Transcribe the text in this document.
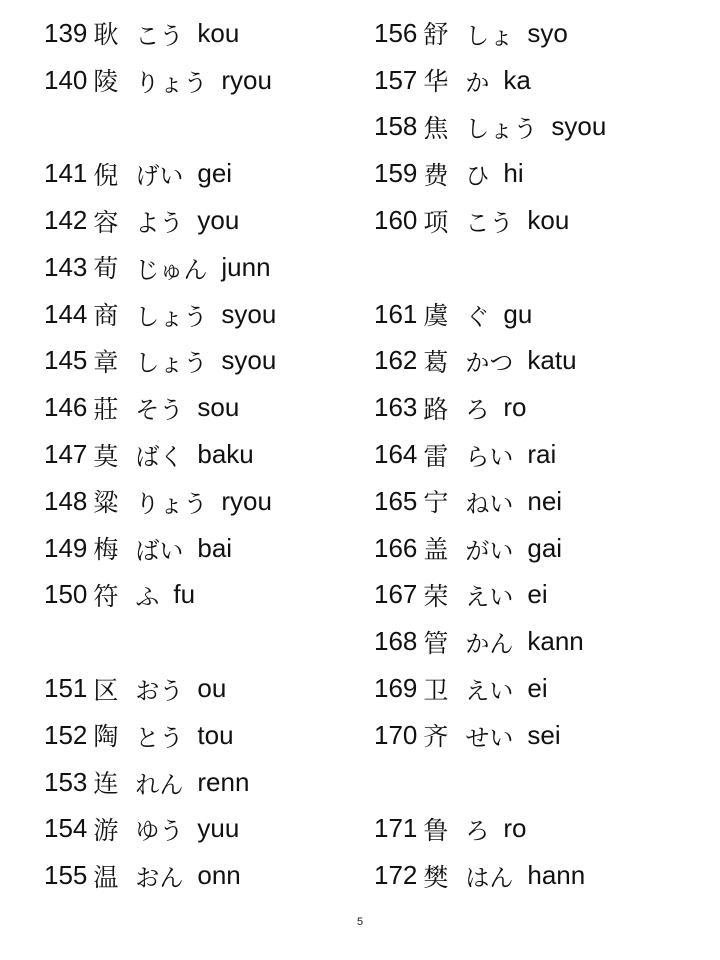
139 耿 こう kou
140 陵 りょう ryou
141 倪 げい gei
142 容 よう you
143 荀 じゅん junn
144 商 しょう syou
145 章 しょう syou
146 莊 そう sou
147 莫 ばく baku
148 粱 りょう ryou
149 梅 ばい bai
150 符 ふ fu
151 区 おう ou
152 陶 とう tou
153 连 れん renn
154 游 ゆう yuu
155 温 おん onn
156 舒 しょ syo
157 华 か ka
158 焦 しょう syou
159 费 ひ hi
160 项 こう kou
161 虞 ぐ gu
162 葛 かつ katu
163 路 ろ ro
164 雷 らい rai
165 宁 ねい nei
166 盖 がい gai
167 荣 えい ei
168 管 かん kann
169 卫 えい ei
170 齐 せい sei
171 鲁 ろ ro
172 樊 はん hann
5
